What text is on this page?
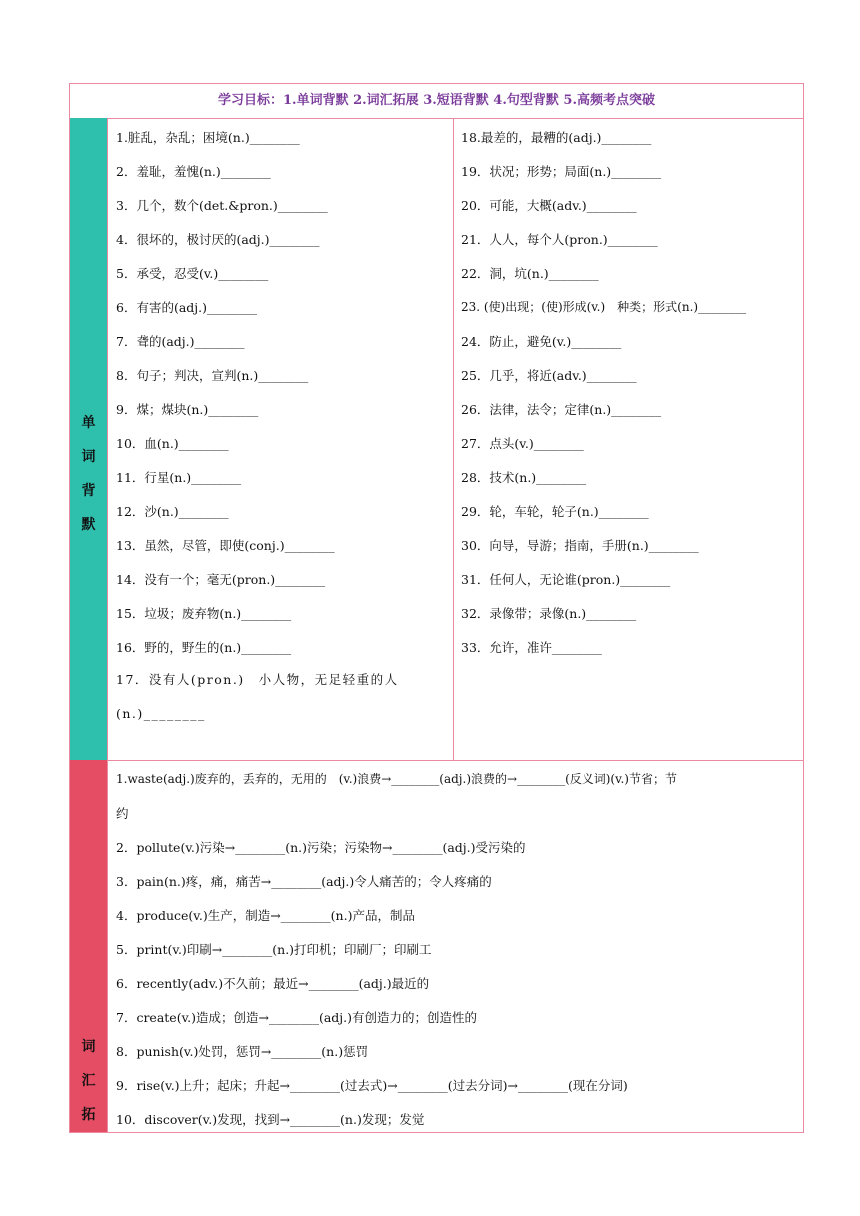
学习目标：1.单词背默 2.词汇拓展 3.短语背默 4.句型背默 5.高频考点突破
单
词
背
默
1.脏乱，杂乱；困境(n.)________
2．羞耻，羞愧(n.)________
3．几个，数个(det.&pron.)________
4．很坏的，极讨厌的(adj.)________
5．承受，忍受(v.)________
6．有害的(adj.)________
7．聋的(adj.)________
8．句子；判决，宣判(n.)________
9．煤；煤块(n.)________
10．血(n.)________
11．行星(n.)________
12．沙(n.)________
13．虽然，尽管，即使(conj.)________
14．没有一个；毫无(pron.)________
15．垃圾；废弃物(n.)________
16．野的，野生的(n.)________
17．没有人(pron.)　小人物，无足轻重的人(n.)________
18.最差的，最糟的(adj.)________
19．状况；形势；局面(n.)________
20．可能，大概(adv.)________
21．人人，每个人(pron.)________
22．洞，坑(n.)________
23. (使)出现；(使)形成(v.)　种类；形式(n.)________
24．防止，避免(v.)________
25．几乎，将近(adv.)________
26．法律，法令；定律(n.)________
27．点头(v.)________
28．技术(n.)________
29．轮，车轮，轮子(n.)________
30．向导，导游；指南，手册(n.)________
31．任何人，无论谁(pron.)________
32．录像带；录像(n.)________
33．允许，准许________
词
汇
拓
1.waste(adj.)废弃的，丢弃的，无用的　(v.)浪费→________(adj.)浪费的→________(反义词)(v.)节省；节
约
2．pollute(v.)污染→________(n.)污染；污染物→________(adj.)受污染的
3．pain(n.)疼，痛，痛苦→________(adj.)令人痛苦的；令人疼痛的
4．produce(v.)生产，制造→________(n.)产品，制品
5．print(v.)印刷→________(n.)打印机；印刷厂；印刷工
6．recently(adv.)不久前；最近→________(adj.)最近的
7．create(v.)造成；创造→________(adj.)有创造力的；创造性的
8．punish(v.)处罚，惩罚→________(n.)惩罚
9．rise(v.)上升；起床；升起→________(过去式)→________(过去分词)→________(现在分词)
10．discover(v.)发现，找到→________(n.)发现；发觉
